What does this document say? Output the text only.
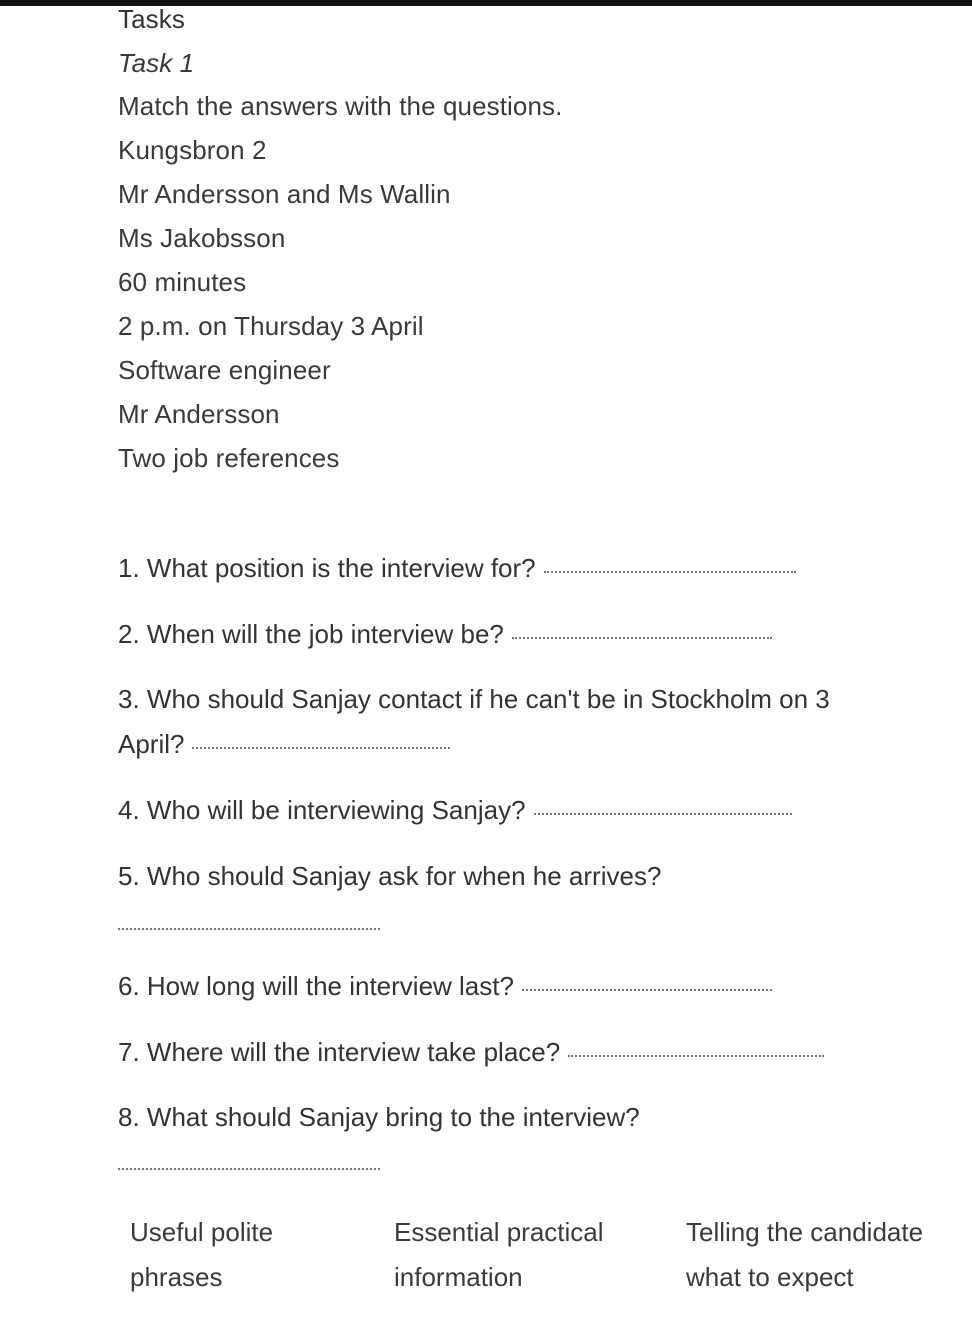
Tasks
Task 1
Match the answers with the questions.
Kungsbron 2
Mr Andersson and Ms Wallin
Ms Jakobsson
60 minutes
2 p.m. on Thursday 3 April
Software engineer
Mr Andersson
Two job references
1. What position is the interview for?
2. When will the job interview be?
3. Who should Sanjay contact if he can't be in Stockholm on 3
April?
4. Who will be interviewing Sanjay?
5. Who should Sanjay ask for when he arrives?
6. How long will the interview last?
7. Where will the interview take place?
8. What should Sanjay bring to the interview?
Useful polite
phrases
Essential practical
information
Telling the candidate
what to expect
